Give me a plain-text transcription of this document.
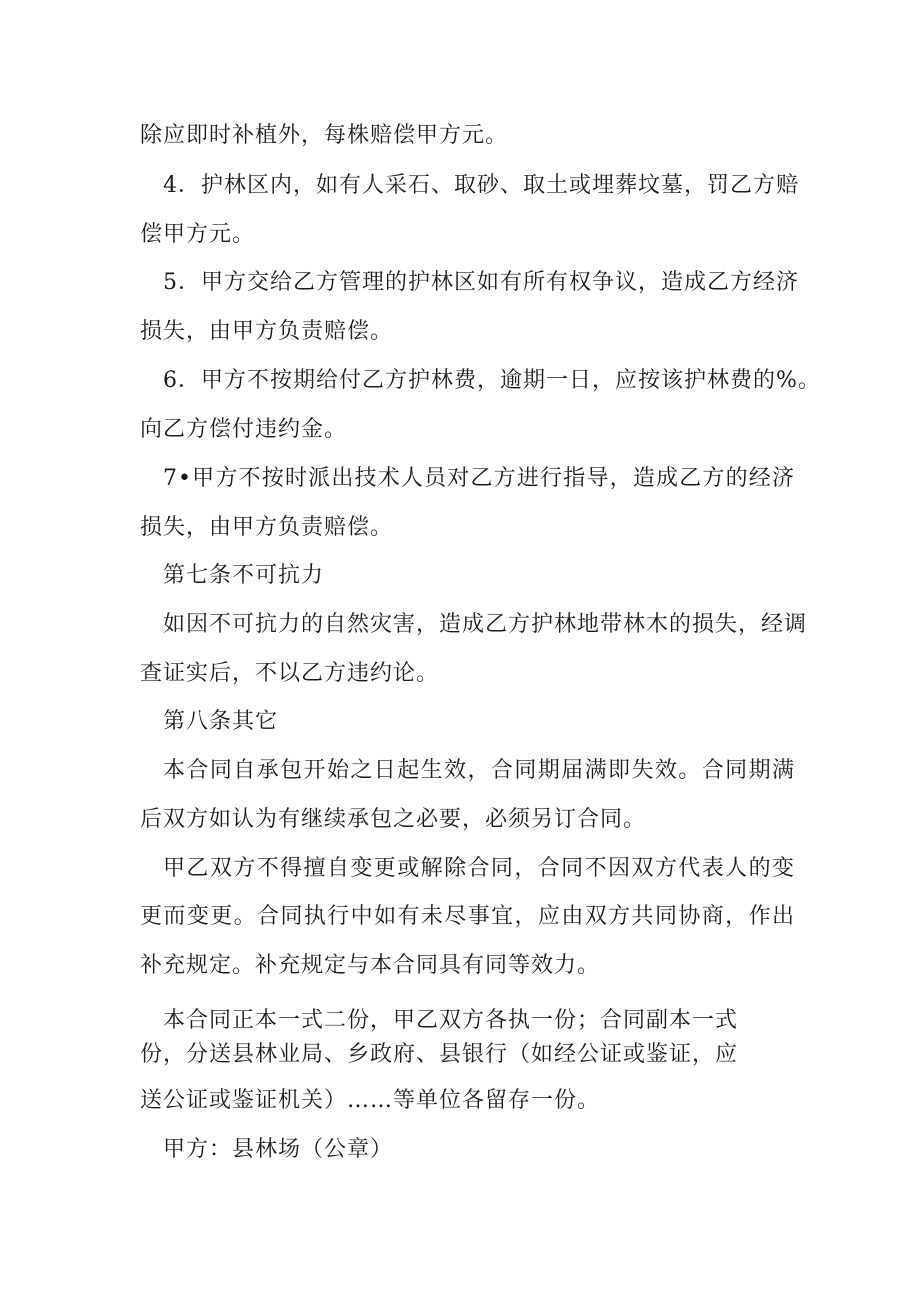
除应即时补植外，每株赔偿甲方元。
4．护林区内，如有人采石、取砂、取土或埋葬坟墓，罚乙方赔
偿甲方元。
5．甲方交给乙方管理的护林区如有所有权争议，造成乙方经济
损失，由甲方负责赔偿。
6．甲方不按期给付乙方护林费，逾期一日，应按该护林费的%。
向乙方偿付违约金。
7•甲方不按时派出技术人员对乙方进行指导，造成乙方的经济
损失，由甲方负责赔偿。
第七条不可抗力
如因不可抗力的自然灾害，造成乙方护林地带林木的损失，经调
查证实后，不以乙方违约论。
第八条其它
本合同自承包开始之日起生效，合同期届满即失效。合同期满
后双方如认为有继续承包之必要，必须另订合同。
甲乙双方不得擅自变更或解除合同，合同不因双方代表人的变
更而变更。合同执行中如有未尽事宜，应由双方共同协商，作出
补充规定。补充规定与本合同具有同等效力。
本合同正本一式二份，甲乙双方各执一份；合同副本一式
份，分送县林业局、乡政府、县银行（如经公证或鉴证，应
送公证或鉴证机关）……等单位各留存一份。
甲方：县林场（公章）
